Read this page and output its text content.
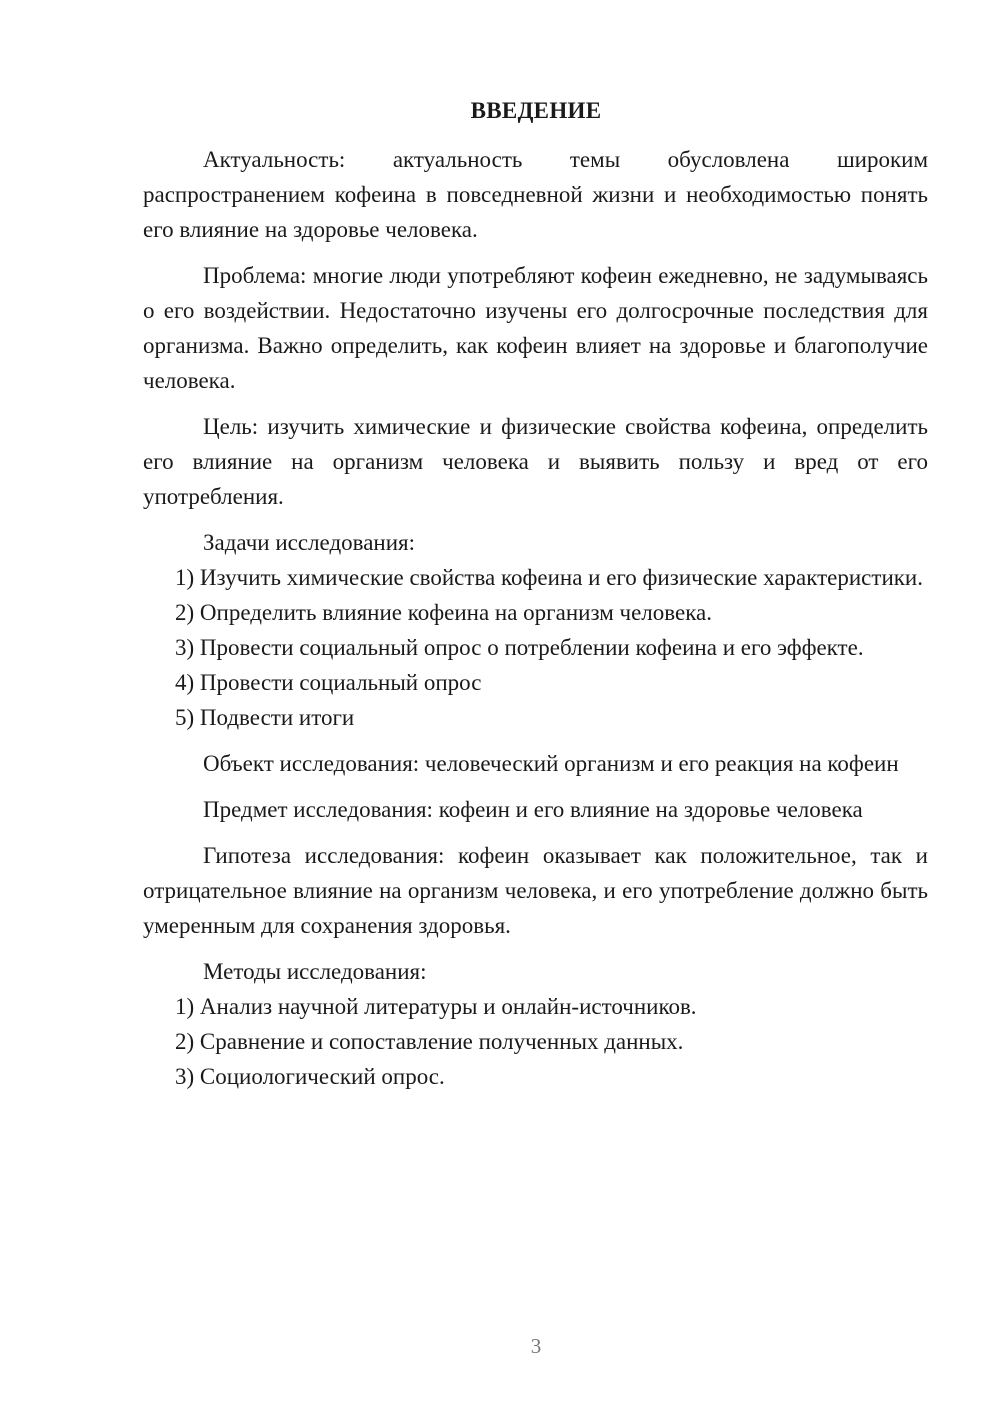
ВВЕДЕНИЕ

Актуальность: актуальность темы обусловлена широким распространением кофеина в повседневной жизни и необходимостью понять его влияние на здоровье человека.

Проблема: многие люди употребляют кофеин ежедневно, не задумываясь о его воздействии. Недостаточно изучены его долгосрочные последствия для организма. Важно определить, как кофеин влияет на здоровье и благополучие человека.

Цель: изучить химические и физические свойства кофеина, определить его влияние на организм человека и выявить пользу и вред от его употребления.

Задачи исследования:

1) Изучить химические свойства кофеина и его физические характеристики.

2) Определить влияние кофеина на организм человека.

3) Провести социальный опрос о потреблении кофеина и его эффекте.

4) Провести социальный опрос

5) Подвести итоги

Объект исследования: человеческий организм и его реакция на кофеин

Предмет исследования: кофеин и его влияние на здоровье человека

Гипотеза исследования: кофеин оказывает как положительное, так и отрицательное влияние на организм человека, и его употребление должно быть умеренным для сохранения здоровья.

Методы исследования:

1) Анализ научной литературы и онлайн-источников.

2) Сравнение и сопоставление полученных данных.

3) Социологический опрос.

3
